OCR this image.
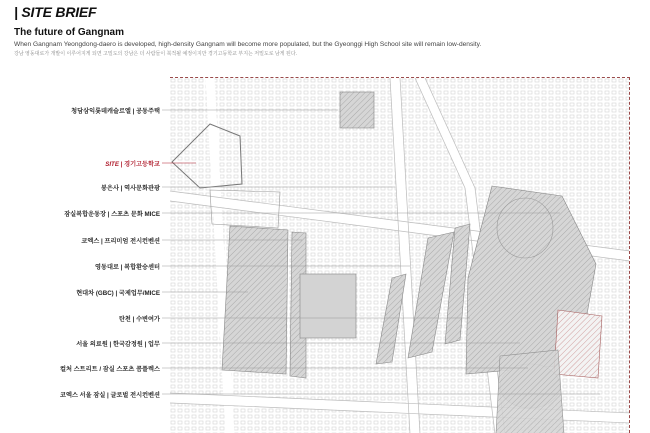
| SITE BRIEF
The future of Gangnam
When Gangnam Yeongdong-daero is developed, high-density Gangnam will become more populated, but the Gyeonggi High School site will remain low-density.
강남 영동대로가 개발이 이루어지게 되면 고밀도의 강남은 더 사람들이 북적될 예정이지만 경기고등학교 부지는 저밀도로 남게 된다.
청담삼익롯데캐슬르엘 | 공동주택
SITE | 경기고등학교
봉은사 | 역사문화관광
잠실복합운동장 | 스포츠 문화 MICE
코엑스 | 프리미엄 전시컨벤션
영동대로 | 복합환승센터
현대차 (GBC) | 국제업무/MICE
탄천 | 수변여가
서울 의료원 | 한국감정원 | 업무
컬처 스트리트 / 잠실 스포츠 콤플렉스
코엑스 서울 잠실 | 글로벌 전시컨벤션
